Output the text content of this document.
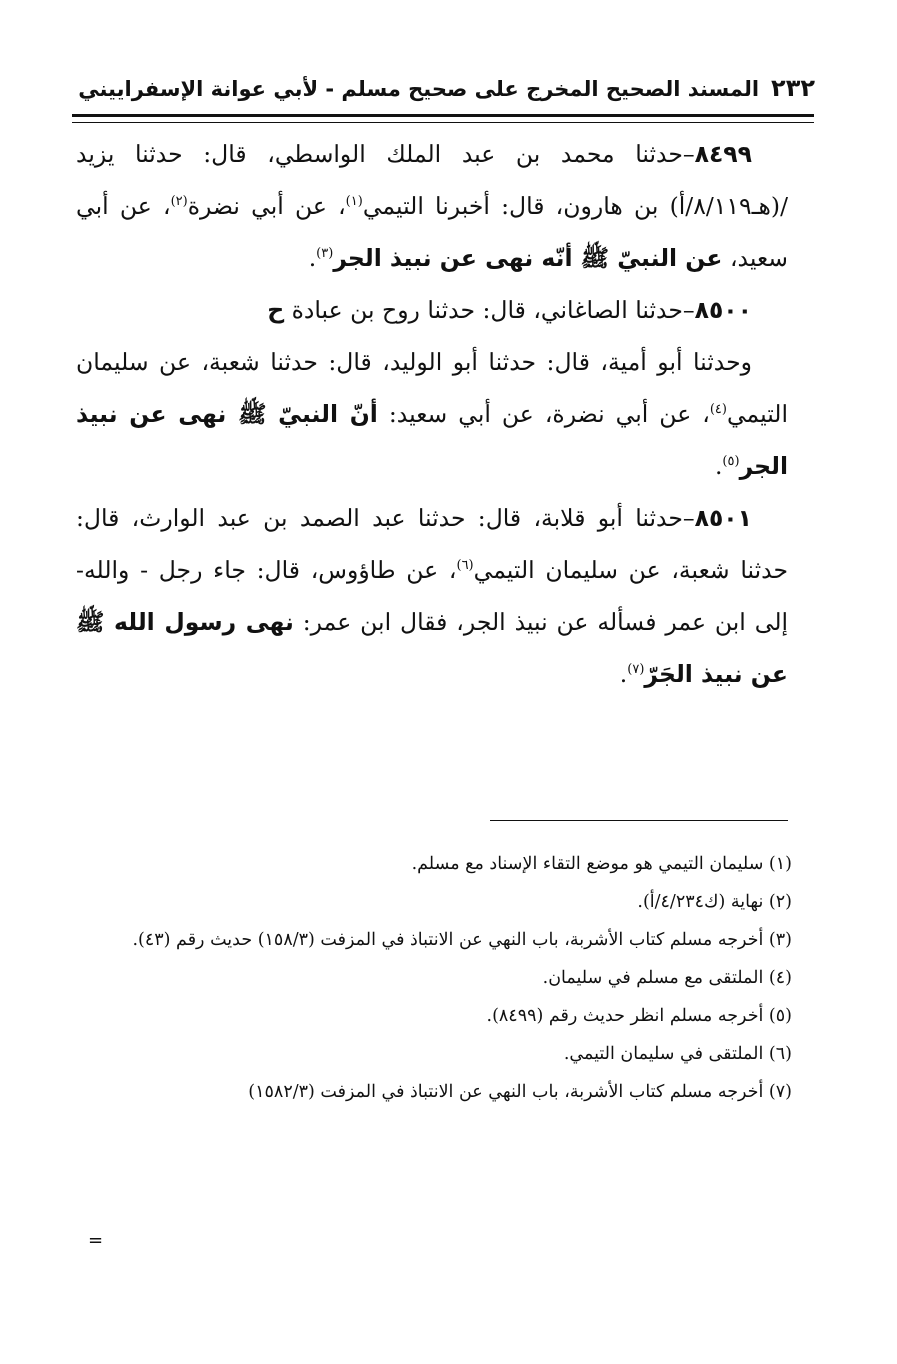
٢٣٢المسند الصحيح المخرج على صحيح مسلم - لأبي عوانة الإسفراييني

٨٤٩٩–حدثنا محمد بن عبد الملك الواسطي، قال: حدثنا يزيد /(هـ٨/١١٩/أ) بن هارون، قال: أخبرنا التيمي$^{(١)}$، عن أبي نضرة$^{(٢)}$، عن أبي سعيد، عن النبيّ ﷺ أنّه نهى عن نبيذ الجر$^{(٣)}$.

٨٥٠٠–حدثنا الصاغاني، قال: حدثنا روح بن عبادة ح

وحدثنا أبو أمية، قال: حدثنا أبو الوليد، قال: حدثنا شعبة، عن سليمان التيمي$^{(٤)}$، عن أبي نضرة، عن أبي سعيد: أنّ النبيّ ﷺ نهى عن نبيذ الجر$^{(٥)}$.

٨٥٠١–حدثنا أبو قلابة، قال: حدثنا عبد الصمد بن عبد الوارث، قال: حدثنا شعبة، عن سليمان التيمي$^{(٦)}$، عن طاؤوس، قال: جاء رجل - والله- إلى ابن عمر فسأله عن نبيذ الجر، فقال ابن عمر: نهى رسول الله ﷺ عن نبيذ الجَرّ$^{(٧)}$.

(١) سليمان التيمي هو موضع التقاء الإسناد مع مسلم.

(٢) نهاية (ك٤/٢٣٤/أ).

(٣) أخرجه مسلم كتاب الأشربة، باب النهي عن الانتباذ في المزفت (١٥٨/٣) حديث رقم (٤٣).

(٤) الملتقى مع مسلم في سليمان.

(٥) أخرجه مسلم انظر حديث رقم (٨٤٩٩).

(٦) الملتقى في سليمان التيمي.

(٧) أخرجه مسلم كتاب الأشربة، باب النهي عن الانتباذ في المزفت (١٥٨٢/٣)

=
